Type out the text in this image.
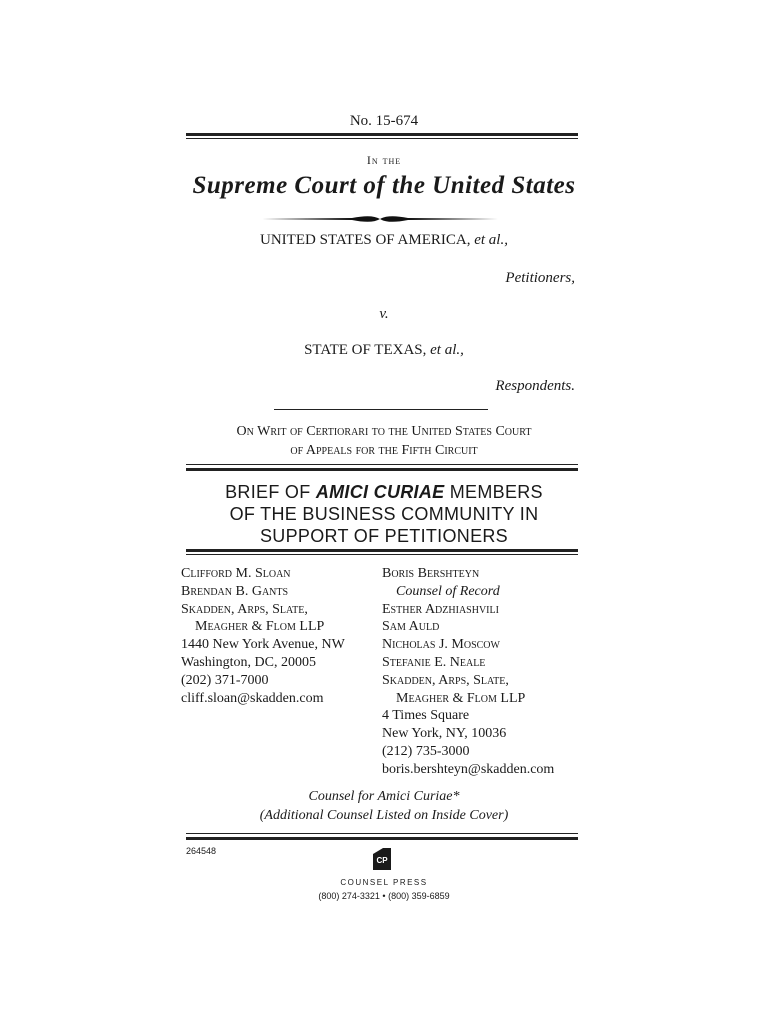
No. 15-674
In the
Supreme Court of the United States
UNITED STATES OF AMERICA, et al.,
Petitioners,
v.
STATE OF TEXAS, et al.,
Respondents.
On Writ of Certiorari to the United States Court
of Appeals for the Fifth Circuit
BRIEF OF AMICI CURIAE MEMBERS
OF THE BUSINESS COMMUNITY IN
SUPPORT OF PETITIONERS
Clifford M. Sloan
Brendan B. Gants
Skadden, Arps, Slate,
Meagher & Flom LLP
1440 New York Avenue, NW
Washington, DC, 20005
(202) 371-7000
cliff.sloan@skadden.com
Boris Bershteyn
Counsel of Record
Esther Adzhiashvili
Sam Auld
Nicholas J. Moscow
Stefanie E. Neale
Skadden, Arps, Slate,
Meagher & Flom LLP
4 Times Square
New York, NY, 10036
(212) 735-3000
boris.bershteyn@skadden.com
Counsel for Amici Curiae*
(Additional Counsel Listed on Inside Cover)
264548
CP
COUNSEL PRESS
(800) 274-3321 • (800) 359-6859
